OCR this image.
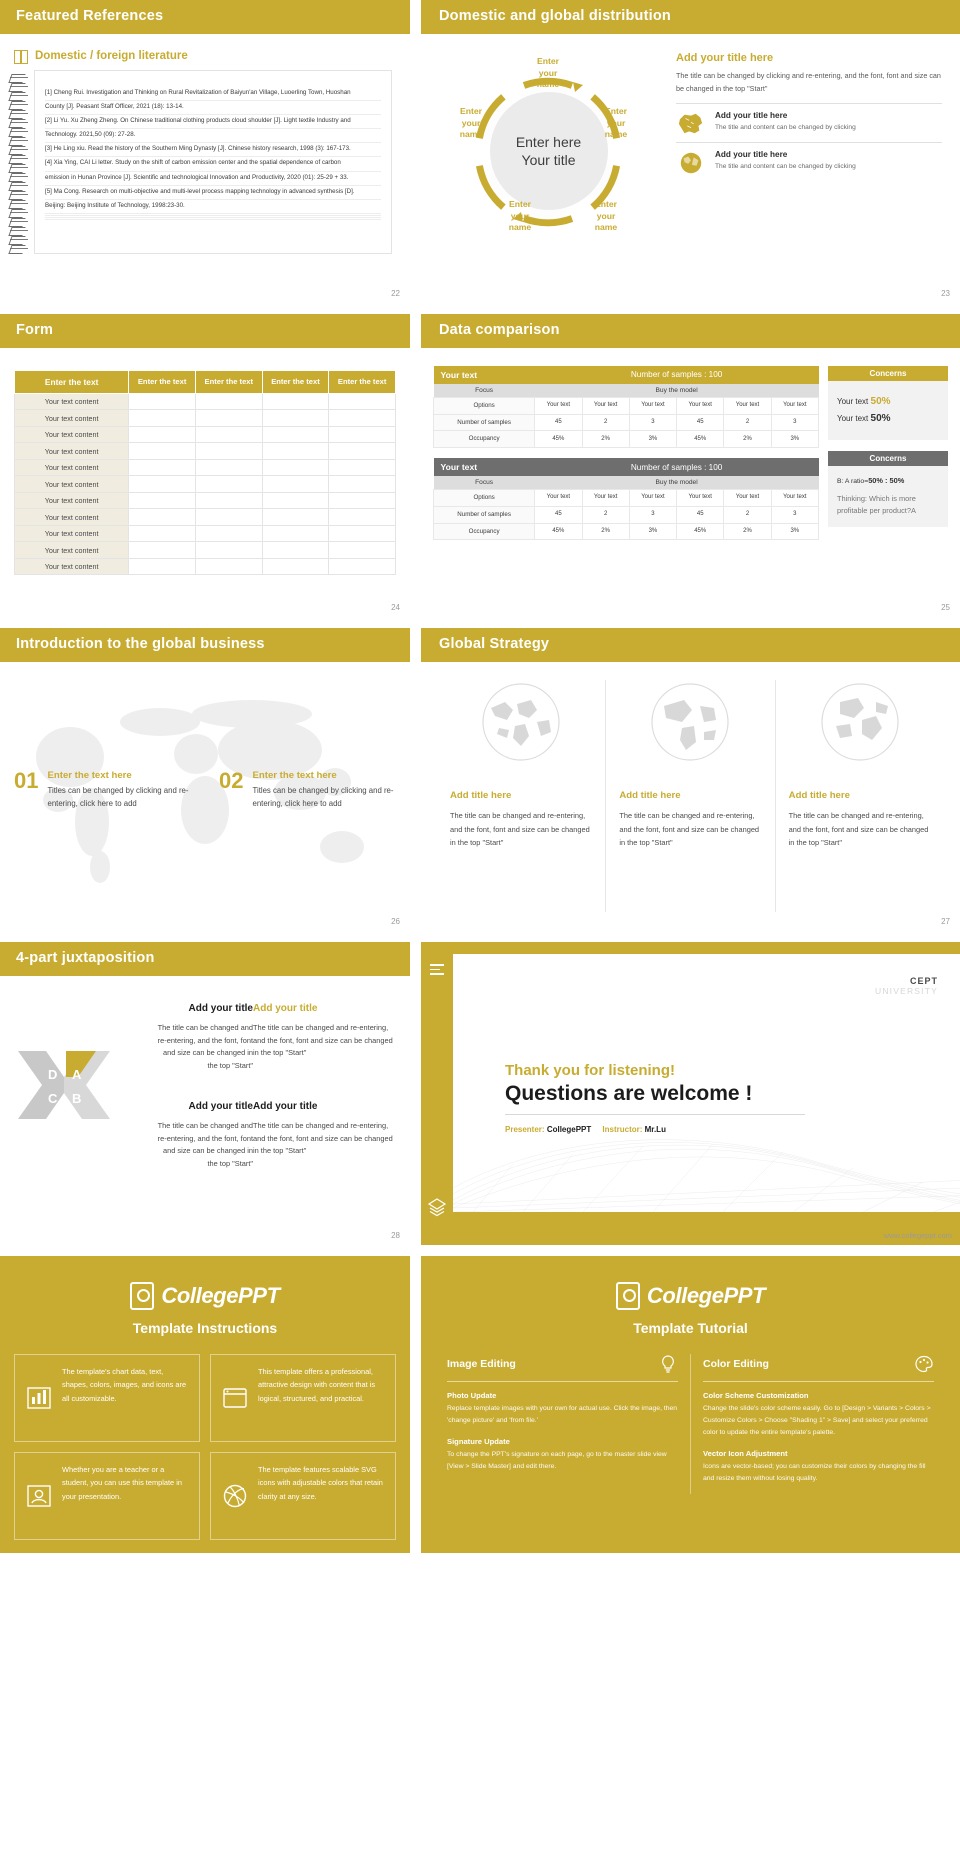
Featured References
Domestic / foreign literature
[1] Cheng Rui. Investigation and Thinking on Rural Revitalization of Baiyun'an Village, Luoerling Town, Huoshan
County [J]. Peasant Staff Officer, 2021 (18): 13-14.
[2] Li Yu. Xu Zheng Zheng. On Chinese traditional clothing products cloud shoulder [J]. Light textile Industry and
Technology. 2021,50 (09): 27-28.
[3] He Ling xiu. Read the history of the Southern Ming Dynasty [J]. Chinese history research, 1998 (3): 167-173.
[4] Xia Ying, CAI Li letter. Study on the shift of carbon emission center and the spatial dependence of carbon
emission in Hunan Province [J]. Scientific and technological Innovation and Productivity, 2020 (01): 25-29 + 33.
[5] Ma Cong. Research on multi-objective and multi-level process mapping technology in advanced synthesis [D].
Beijing: Beijing Institute of Technology, 1998:23-30.
22
Domestic and global distribution
Enter here
Your title
Enter
your
name
Enter
your
name
Enter
your
name
Enter
your
name
Enter
your
name
Add your title here

The title can be changed by clicking and re-entering, and the font, font and size can be changed in the top "Start"

Add your title here

The title and content can be changed by clicking

Add your title here

The title and content can be changed by clicking

23
Form
Enter the text	Enter the text	Enter the text	Enter the text	Enter the text
Your text content				
Your text content				
Your text content				
Your text content				
Your text content				
Your text content				
Your text content				
Your text content				
Your text content				
Your text content				
Your text content				
24
Data comparison
Your text	Number of samples : 100					
Focus	Buy the model					
Options	Your text	Your text	Your text	Your text	Your text	Your text
Number of samples	45	2	3	45	2	3
Occupancy	45%	2%	3%	45%	2%	3%
Your text	Number of samples : 100					
Focus	Buy the model					
Options	Your text	Your text	Your text	Your text	Your text	Your text
Number of samples	45	2	3	45	2	3
Occupancy	45%	2%	3%	45%	2%	3%
Concerns
Your text 50%
Your text 50%
Concerns
B: A ratio=50% : 50%
Thinking: Which is more profitable per product?A
25
Introduction to the global business
01 Enter the text here

Titles can be changed by clicking and re-entering, click here to add

02 Enter the text here

Titles can be changed by clicking and re-entering, click here to add

26
Global Strategy
Add title here

The title can be changed and re-entering, and the font, font and size can be changed in the top "Start"

Add title here

The title can be changed and re-entering, and the font, font and size can be changed in the top "Start"

Add title here

The title can be changed and re-entering, and the font, font and size can be changed in the top "Start"

27
4-part juxtaposition
Add your title

The title can be changed and re-entering, and the font, font and size can be changed in the top "Start"

D A
C B
Add your title

The title can be changed and re-entering, and the font, font and size can be changed in the top "Start"

Add your title

The title can be changed and re-entering, and the font, font and size can be changed in the top "Start"

Add your title

The title can be changed and re-entering, and the font, font and size can be changed in the top "Start"

28
CEPT
UNIVERSITY
Thank you for listening!
Questions are welcome !
Presenter: CollegePPT Instructor: Mr.Lu
www.collegeppt.com
CollegePPT
Template Instructions

The template's chart data, text, shapes, colors, images, and icons are all customizable.

This template offers a professional, attractive design with content that is logical, structured, and practical.

Whether you are a teacher or a student, you can use this template in your presentation.

The template features scalable SVG icons with adjustable colors that retain clarity at any size.

CollegePPT
Template Tutorial
Image Editing
Photo Update

Replace template images with your own for actual use. Click the image, then 'change picture' and 'from file.'

Signature Update

To change the PPT's signature on each page, go to the master slide view [View > Slide Master] and edit there.

Color Editing
Color Scheme Customization

Change the slide's color scheme easily. Go to [Design > Variants > Colors > Customize Colors > Choose "Shading 1" > Save] and select your preferred color to update the entire template's palette.

Vector Icon Adjustment

Icons are vector-based; you can customize their colors by changing the fill and resize them without losing quality.
